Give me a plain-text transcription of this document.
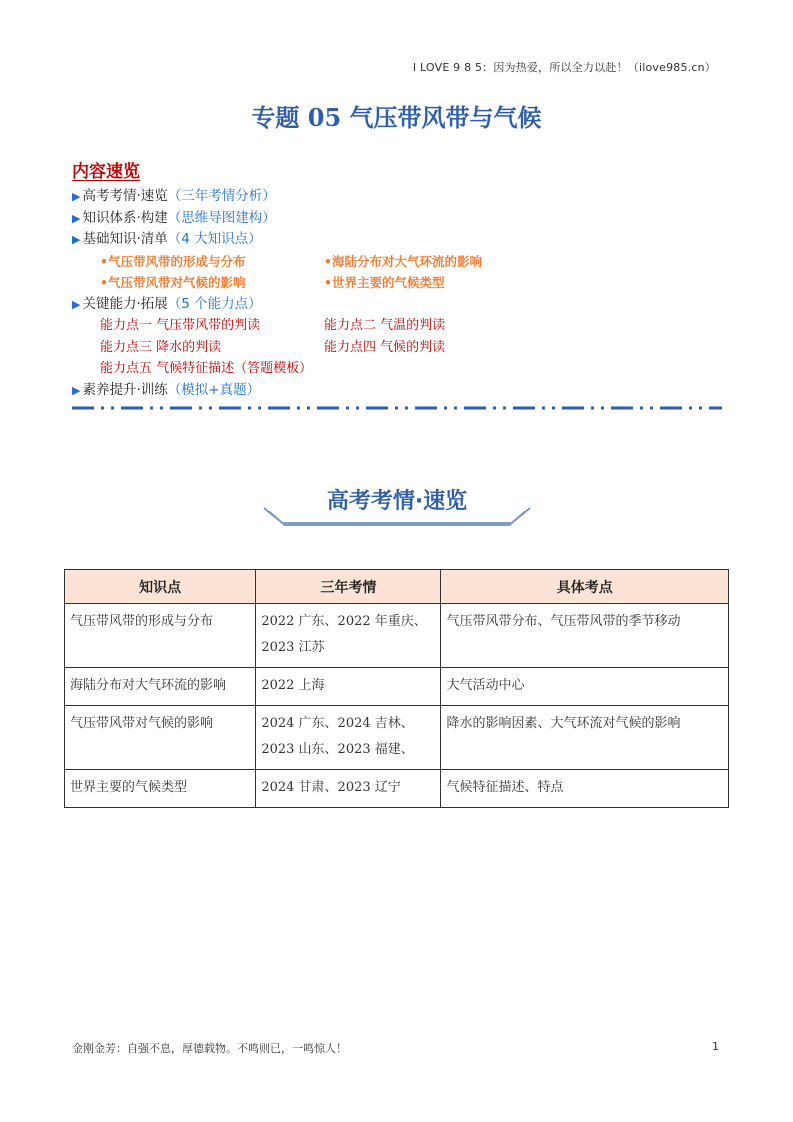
I LOVE 9 8 5：因为热爱，所以全力以赴！（ilove985.cn）
专题 05 气压带风带与气候
内容速览
▶ 高考考情·速览（三年考情分析）
▶ 知识体系·构建（思维导图建构）
▶ 基础知识·清单（4 大知识点）
•气压带风带的形成与分布	•海陆分布对大气环流的影响
•气压带风带对气候的影响	•世界主要的气候类型
▶ 关键能力·拓展（5 个能力点）
能力点一 气压带风带的判读	能力点二 气温的判读
能力点三 降水的判读	能力点四 气候的判读
能力点五 气候特征描述（答题模板）
▶ 素养提升·训练（模拟+真题）
高考考情·速览
知识点	三年考情	具体考点
气压带风带的形成与分布	2022 广东、2022 年重庆、2023 江苏	气压带风带分布、气压带风带的季节移动
海陆分布对大气环流的影响	2022 上海	大气活动中心
气压带风带对气候的影响	2024 广东、2024 吉林、2023 山东、2023 福建、	降水的影响因素、大气环流对气候的影响
世界主要的气候类型	2024 甘肃、2023 辽宁	气候特征描述、特点
金刚金芳：自强不息，厚德载物。不鸣则已，一鸣惊人！	1
